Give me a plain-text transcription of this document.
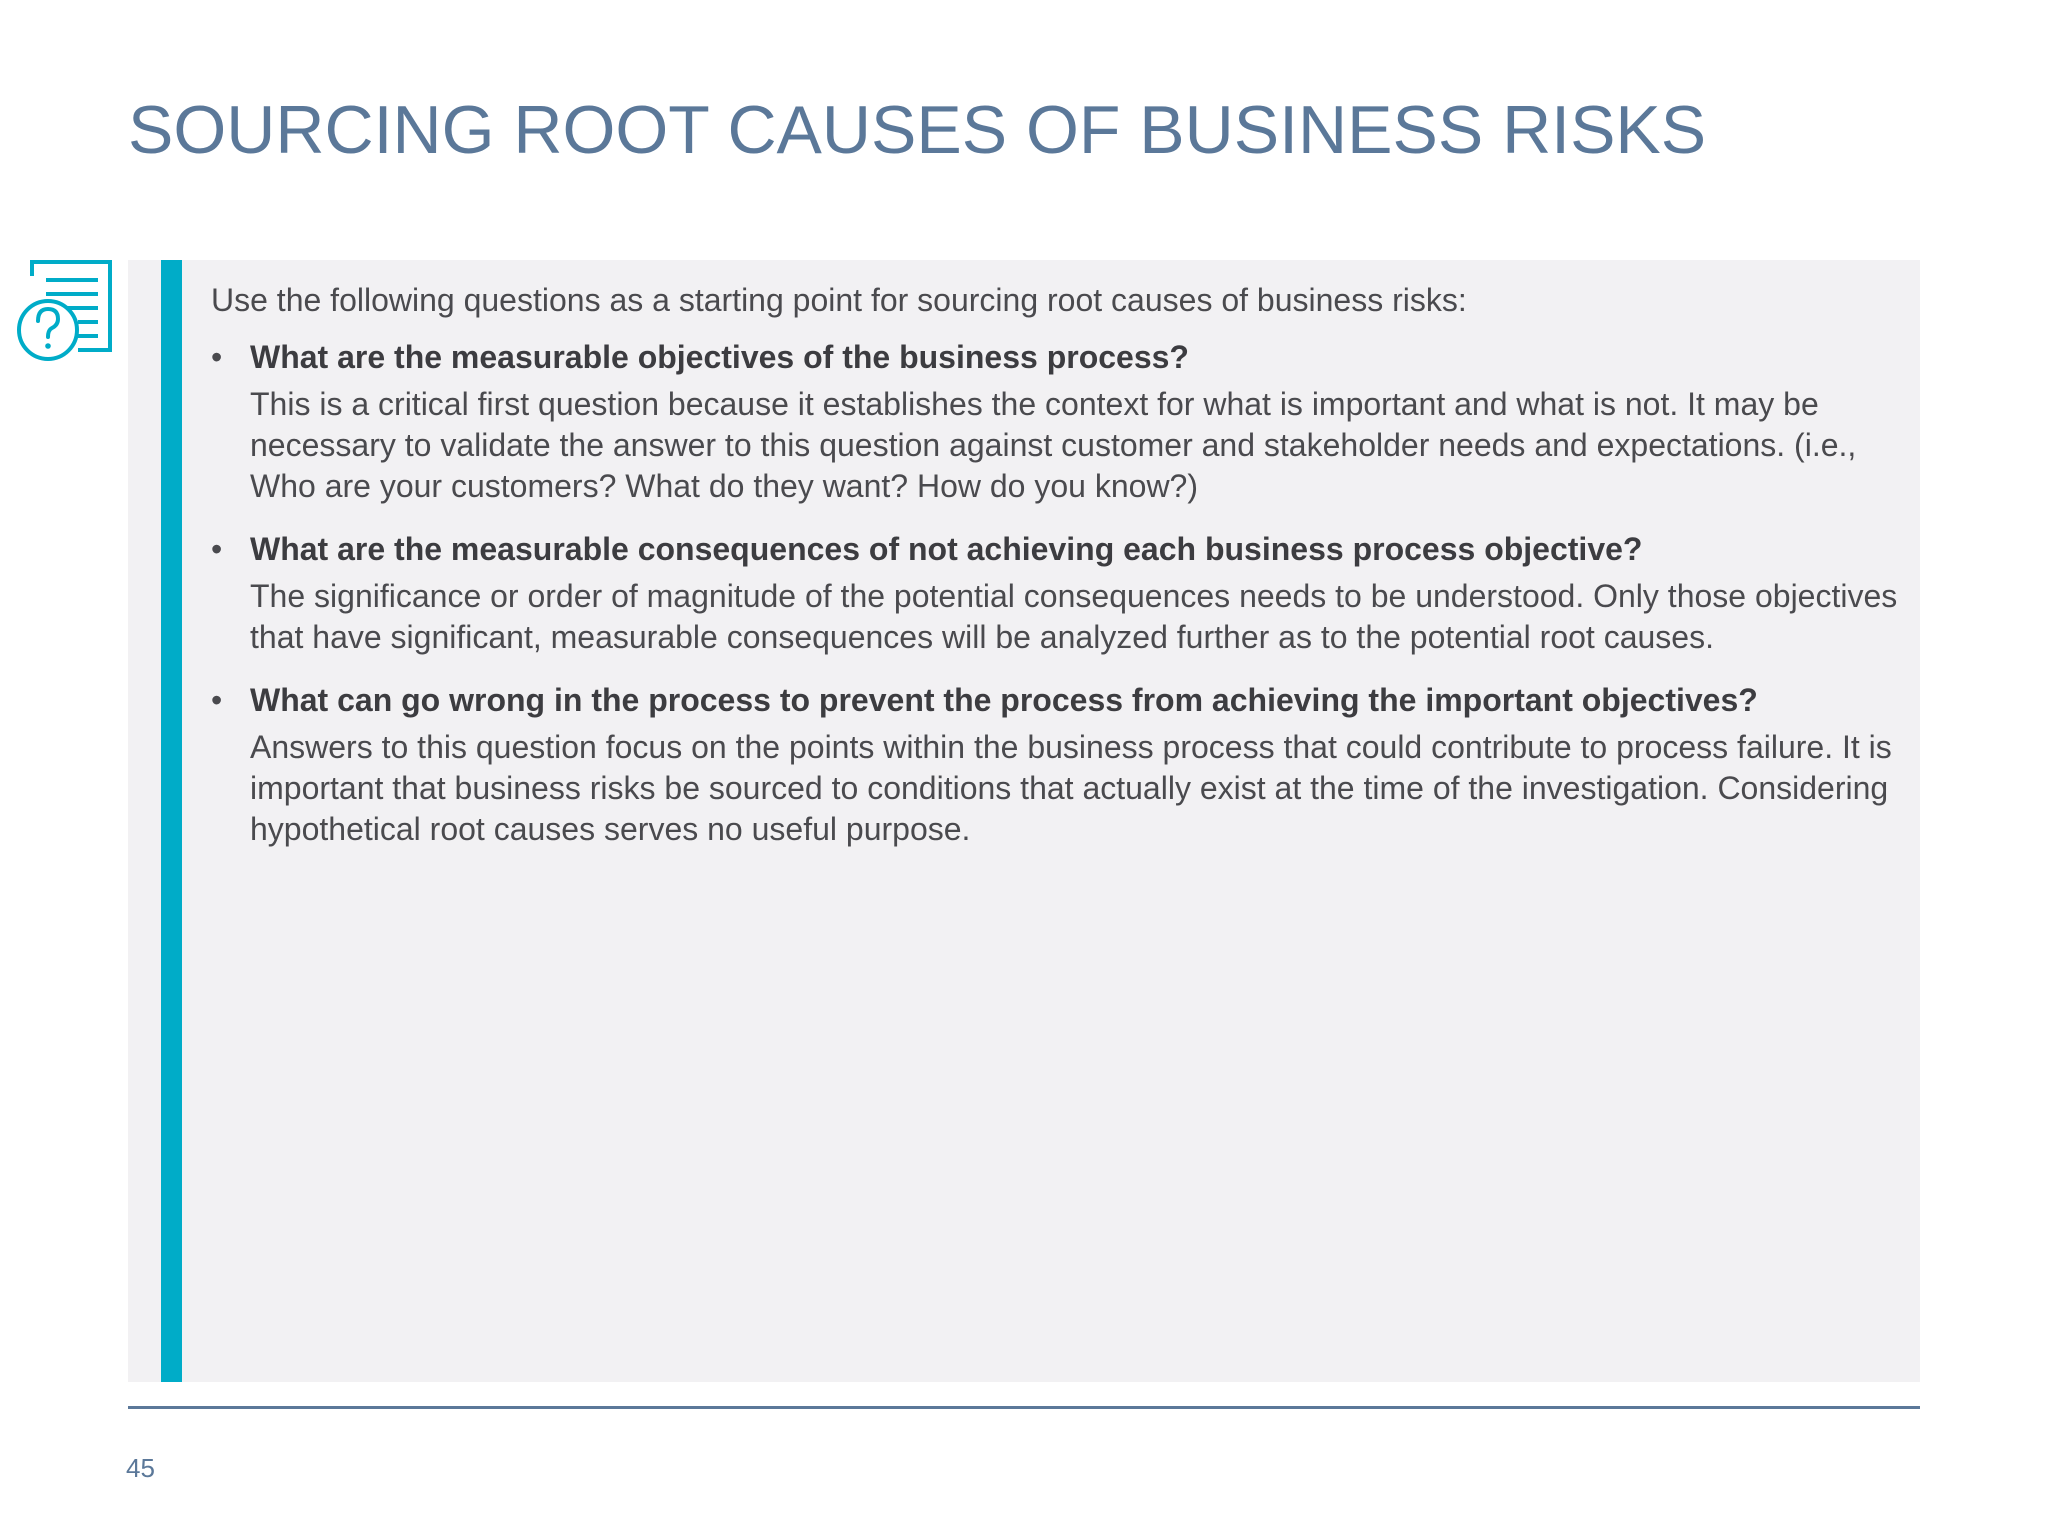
SOURCING ROOT CAUSES OF BUSINESS RISKS

Use the following questions as a starting point for sourcing root causes of business risks:

• What are the measurable objectives of the business process?
This is a critical first question because it establishes the context for what is important and what is not. It may be necessary to validate the answer to this question against customer and stakeholder needs and expectations. (i.e., Who are your customers? What do they want? How do you know?)
• What are the measurable consequences of not achieving each business process objective?
The significance or order of magnitude of the potential consequences needs to be understood. Only those objectives that have significant, measurable consequences will be analyzed further as to the potential root causes.
• What can go wrong in the process to prevent the process from achieving the important objectives?
Answers to this question focus on the points within the business process that could contribute to process failure. It is important that business risks be sourced to conditions that actually exist at the time of the investigation. Considering hypothetical root causes serves no useful purpose.
45
